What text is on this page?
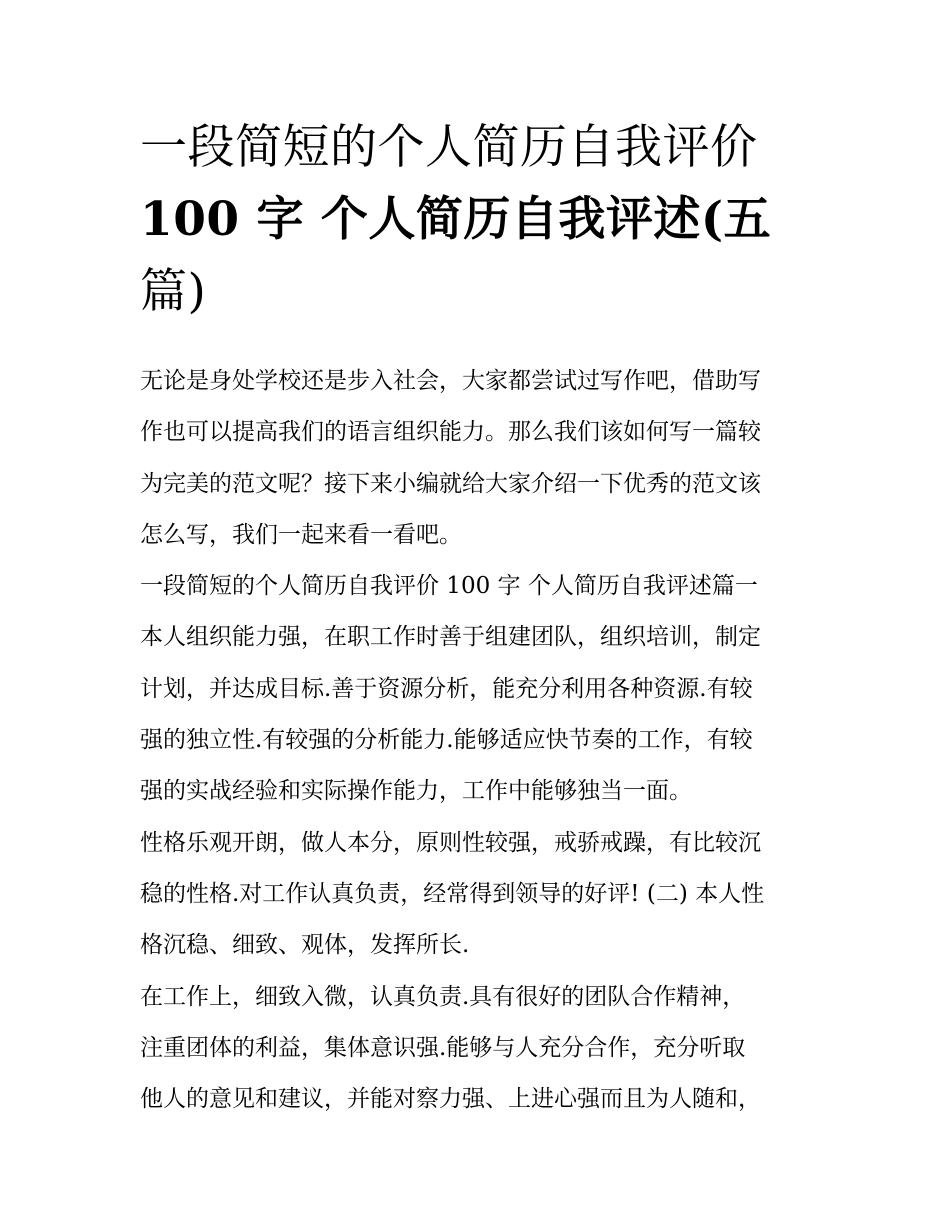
一段简短的个人简历自我评价
100 字 个人简历自我评述(五
篇)

无论是身处学校还是步入社会，大家都尝试过写作吧，借助写
作也可以提高我们的语言组织能力。那么我们该如何写一篇较
为完美的范文呢？接下来小编就给大家介绍一下优秀的范文该
怎么写，我们一起来看一看吧。

一段简短的个人简历自我评价 100 字 个人简历自我评述篇一

本人组织能力强，在职工作时善于组建团队，组织培训，制定
计划，并达成目标.善于资源分析，能充分利用各种资源.有较
强的独立性.有较强的分析能力.能够适应快节奏的工作，有较
强的实战经验和实际操作能力，工作中能够独当一面。

性格乐观开朗，做人本分，原则性较强，戒骄戒躁，有比较沉
稳的性格.对工作认真负责，经常得到领导的好评! (二) 本人性
格沉稳、细致、观体，发挥所长.

在工作上，细致入微，认真负责.具有很好的团队合作精神，
注重团体的利益，集体意识强.能够与人充分合作，充分听取
他人的意见和建议，并能对察力强、上进心强而且为人随和，
